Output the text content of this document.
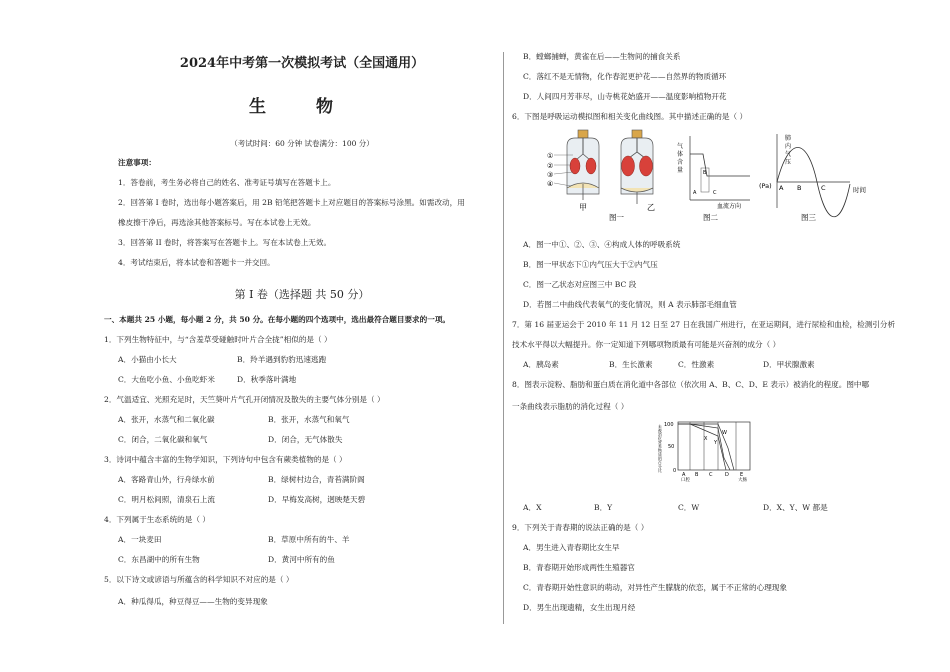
2024年中考第一次模拟考试（全国通用）
生 物
（考试时间：60 分钟 试卷满分：100 分）
注意事项：
1．答卷前，考生务必将自己的姓名、准考证号填写在答题卡上。
2．回答第 I 卷时，选出每小题答案后，用 2B 铅笔把答题卡上对应题目的答案标号涂黑。如需改动，用
橡皮擦干净后，再选涂其他答案标号。写在本试卷上无效。
3．回答第 II 卷时，将答案写在答题卡上。写在本试卷上无效。
4．考试结束后，将本试卷和答题卡一并交回。
第 I 卷（选择题 共 50 分）
一、本题共 25 小题，每小题 2 分，共 50 分。在每小题的四个选项中，选出最符合题目要求的一项。
1．下列生物特征中，与“含羞草受碰触时叶片合全拢”相似的是（ ）
A．小猫由小长大	B．羚羊遇到豹豹迅速逃跑
C．大鱼吃小鱼、小鱼吃虾米	D．秋季落叶满地
2．气温适宜、光照充足时，天竺葵叶片气孔开闭情况及散失的主要气体分别是（ ）
A．张开，水蒸气和二氧化碳	B．张开，水蒸气和氧气
C．闭合，二氧化碳和氧气	D．闭合，无气体散失
3．诗词中蕴含丰富的生物学知识，下列诗句中包含有蕨类植物的是（ ）
A．客路青山外，行舟绿水前	B．绿树村边合，青苔满阶阁
C．明月松间照，清泉石上流	D．早梅发高树，迥映楚天碧
4．下列属于生态系统的是（ ）
A．一块麦田	B．草原中所有的牛、羊
C．东昌湖中的所有生物	D．黄河中所有的鱼
5．以下诗文或谚语与所蕴含的科学知识不对应的是（ ）
A．种瓜得瓜，种豆得豆——生物的变异现象
B．螳螂捕蝉，黄雀在后——生物间的捕食关系
C．落红不是无情物，化作春泥更护花——自然界的物质循环
D．人间四月芳菲尽，山寺桃花始盛开——温度影响植物开花
6．下图是呼吸运动模拟图和相关变化曲线图。其中描述正确的是（ ）
①
②
③
④
甲	乙
图一
气
体
含
量
A
B
C
血流方向
图二
肺
内
气
压
(Pa) A B	C	时间
图三
A．图一中①、②、③、④构成人体的呼吸系统
B．图一甲状态下①内气压大于②内气压
C．图一乙状态对应图三中 BC 段
D．若图二中曲线代表氧气的变化情况，则 A 表示肺部毛细血管
7．第 16 届亚运会于 2010 年 11 月 12 日至 27 日在我国广州进行，在亚运期间，进行尿检和血检，检测引分析
技术水平得以大幅提升。你一定知道下列哪项物质最有可能是兴奋剂的成分（ ）
A．胰岛素	B．生长激素	C．性激素	D．甲状腺激素
8．图表示淀粉、脂肪和蛋白质在消化道中各部位（依次用 A、B、C、D、E 表示）被消化的程度。图中哪
一条曲线表示脂肪的消化过程（ ）
100
50
0
X
Y
W
A B C	D E
口腔	大肠
未
被
消
化
营
养
物
质
的
百
分
比
A．X	B．Y	C．W	D．X、Y、W 都是
9．下列关于青春期的说法正确的是（ ）
A．男生进入青春期比女生早
B．青春期开始形成两性生殖器官
C．青春期开始性意识的萌动，对异性产生朦胧的依恋，属于不正常的心理现象
D．男生出现遗精，女生出现月经
